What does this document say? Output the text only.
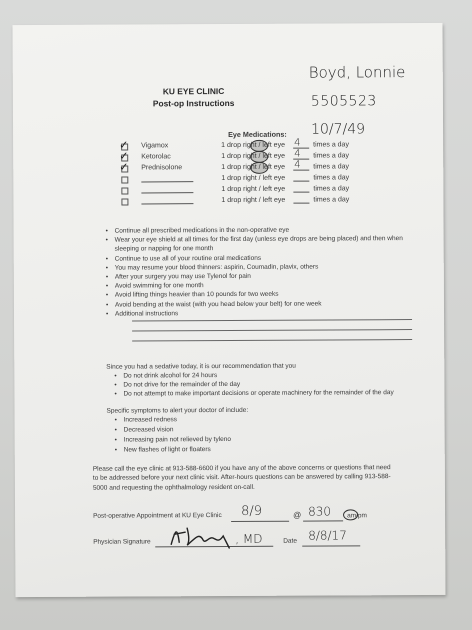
KU EYE CLINIC
Post-op Instructions
Boyd, Lonnie
5505523
10/7/49
Eye Medications:
✓ Vigamox	1 drop right / left eye 4 times a day
✓ Ketorolac	1 drop right / left eye 4 times a day
✓ Prednisolone	1 drop right / left eye 4 times a day
1 drop right / left eye	times a day
1 drop right / left eye	times a day
1 drop right / left eye	times a day
• Continue all prescribed medications in the non-operative eye
• Wear your eye shield at all times for the first day (unless eye drops are being placed) and then when sleeping or napping for one month
• Continue to use all of your routine oral medications
• You may resume your blood thinners: aspirin, Coumadin, plavix, others
• After your surgery you may use Tylenol for pain
• Avoid swimming for one month
• Avoid lifting things heavier than 10 pounds for two weeks
• Avoid bending at the waist (with you head below your belt) for one week
• Additional instructions
Since you had a sedative today, it is our recommendation that you
• Do not drink alcohol for 24 hours
• Do not drive for the remainder of the day
• Do not attempt to make important decisions or operate machinery for the remainder of the day
Specific symptoms to alert your doctor of include:
• Increased redness
• Decreased vision
• Increasing pain not relieved by tyleno
• New flashes of light or floaters
Please call the eye clinic at 913-588-6600 if you have any of the above concerns or questions that need to be addressed before your next clinic visit. After-hours questions can be answered by calling 913-588-5000 and requesting the ophthalmology resident on-call.
Post-operative Appointment at KU Eye Clinic 8/9	@ 830 am/pm
Physician Signature	, MD	Date 8/8/17
